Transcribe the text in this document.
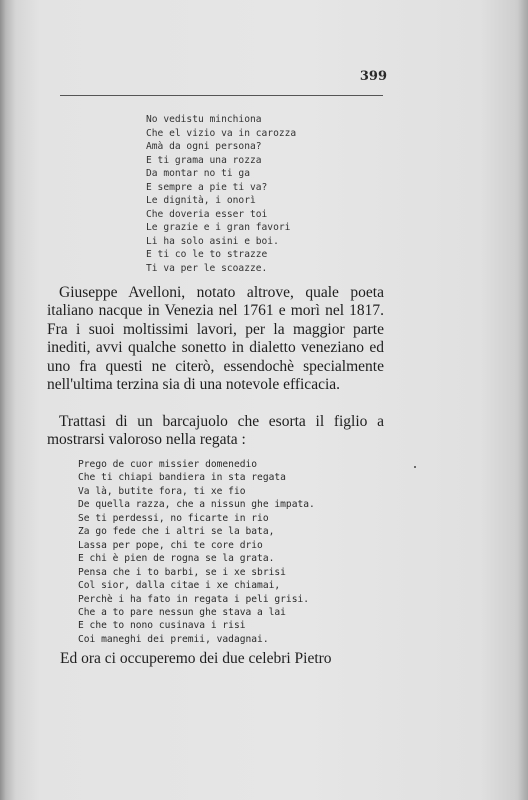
399
No vedistu minchiona
Che el vizio va in carozza
Amà da ogni persona?
E ti grama una rozza
Da montar no ti ga
E sempre a pie ti va?
Le dignità, i onorì
Che doveria esser toi
Le grazie e i gran favori
Li ha solo asini e boi.
E ti co le to strazze
Ti va per le scoazze.

Giuseppe Avelloni, notato altrove, quale poeta italiano nacque in Venezia nel 1761 e morì nel 1817. Fra i suoi moltissimi lavori, per la maggior parte inediti, avvi qualche sonetto in dialetto veneziano ed uno fra questi ne citerò, essendochè specialmente nell'ultima terzina sia di una notevole efficacia.

Trattasi di un barcajuolo che esorta il figlio a mostrarsi valoroso nella regata :

Prego de cuor missier domenedio
Che ti chiapi bandiera in sta regata
Va là, butite fora, ti xe fio
De quella razza, che a nissun ghe impata.
Se ti perdessi, no ficarte in rio
Za go fede che i altri se la bata,
Lassa per pope, chi te core drio
E chi è pien de rogna se la grata.
Pensa che i to barbi, se i xe sbrisi
Col sior, dalla citae i xe chiamai,
Perchè i ha fato in regata i peli grisi.
Che a to pare nessun ghe stava a lai
E che to nono cusinava i risi
Coi maneghi dei premii, vadagnai.
Ed ora ci occuperemo dei due celebri Pietro
